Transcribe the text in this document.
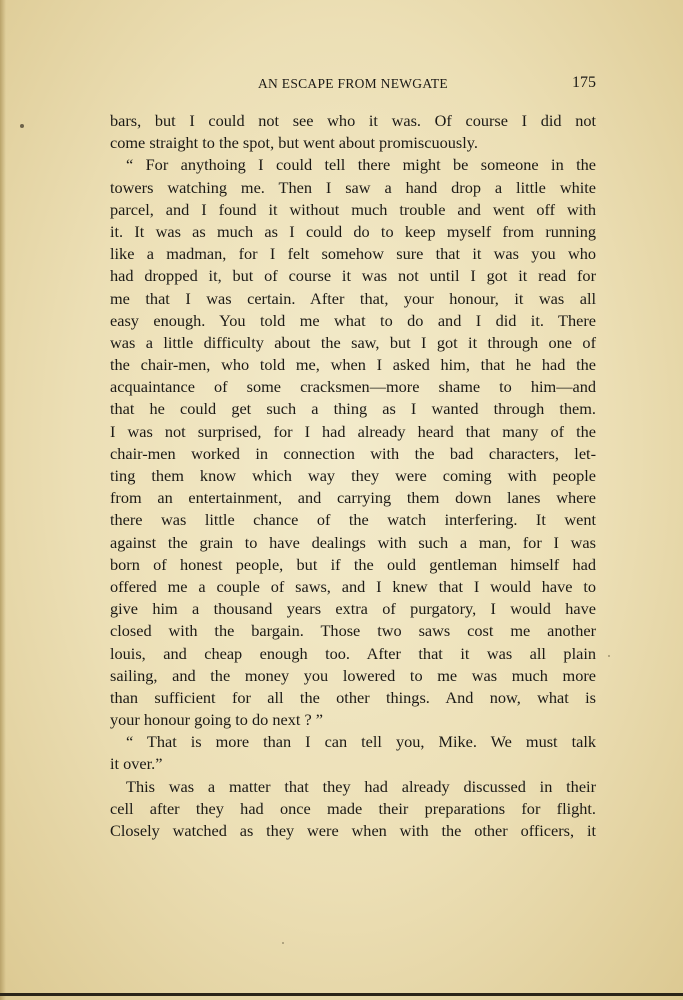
AN ESCAPE FROM NEWGATE	175
bars, but I could not see who it was. Of course I did not
come straight to the spot, but went about promiscuously.
“ For anythoing I could tell there might be someone in the
towers watching me. Then I saw a hand drop a little white
parcel, and I found it without much trouble and went off with
it. It was as much as I could do to keep myself from running
like a madman, for I felt somehow sure that it was you who
had dropped it, but of course it was not until I got it read for
me that I was certain. After that, your honour, it was all
easy enough. You told me what to do and I did it. There
was a little difficulty about the saw, but I got it through one of
the chair-men, who told me, when I asked him, that he had the
acquaintance of some cracksmen—more shame to him—and
that he could get such a thing as I wanted through them.
I was not surprised, for I had already heard that many of the
chair-men worked in connection with the bad characters, let-
ting them know which way they were coming with people
from an entertainment, and carrying them down lanes where
there was little chance of the watch interfering. It went
against the grain to have dealings with such a man, for I was
born of honest people, but if the ould gentleman himself had
offered me a couple of saws, and I knew that I would have to
give him a thousand years extra of purgatory, I would have
closed with the bargain. Those two saws cost me another
louis, and cheap enough too. After that it was all plain
sailing, and the money you lowered to me was much more
than sufficient for all the other things. And now, what is
your honour going to do next ? ”
“ That is more than I can tell you, Mike. We must talk
it over.”
This was a matter that they had already discussed in their
cell after they had once made their preparations for flight.
Closely watched as they were when with the other officers, it
